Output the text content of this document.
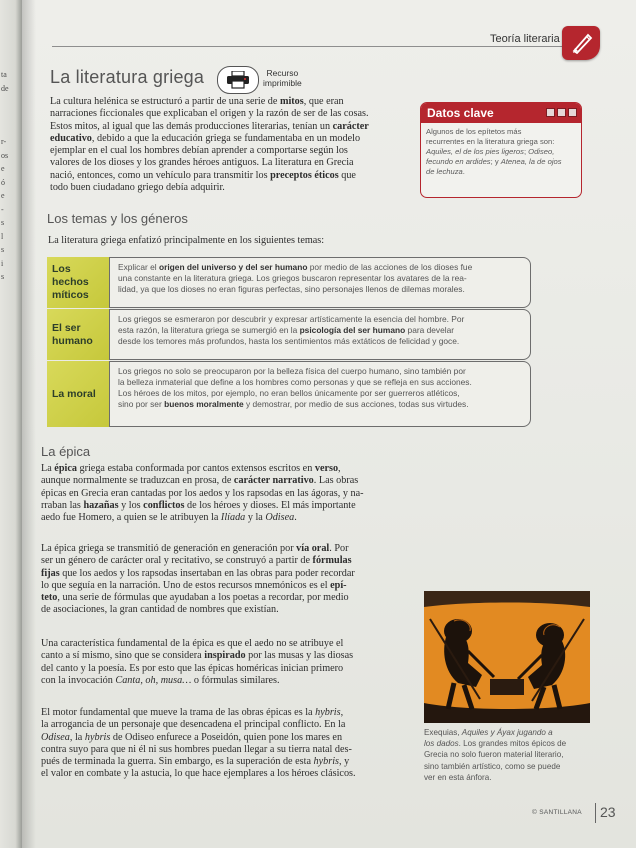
ta
de
r-
os
e
ó
e
-
s
l
s
i
s
Teoría literaria
La literatura griega	Recurso
imprimible
La cultura helénica se estructuró a partir de una serie de mitos, que eran
narraciones ficcionales que explicaban el origen y la razón de ser de las cosas.
Estos mitos, al igual que las demás producciones literarias, tenían un carácter
educativo, debido a que la educación griega se fundamentaba en un modelo
ejemplar en el cual los hombres debían aprender a comportarse según los
valores de los dioses y los grandes héroes antiguos. La literatura en Grecia
nació, entonces, como un vehículo para transmitir los preceptos éticos que
todo buen ciudadano griego debía adquirir.
Datos clave
Algunos de los epítetos más
recurrentes en la literatura griega son:
Aquiles, el de los pies ligeros; Odiseo,
fecundo en ardides; y Atenea, la de ojos
de lechuza.
Los temas y los géneros
La literatura griega enfatizó principalmente en los siguientes temas:
Los hechos míticos
Explicar el origen del universo y del ser humano por medio de las acciones de los dioses fue
una constante en la literatura griega. Los griegos buscaron representar los avatares de la rea-
lidad, ya que los dioses no eran figuras perfectas, sino personajes llenos de dilemas morales.
El ser humano
Los griegos se esmeraron por descubrir y expresar artísticamente la esencia del hombre. Por
esta razón, la literatura griega se sumergió en la psicología del ser humano para develar
desde los temores más profundos, hasta los sentimientos más extáticos de felicidad y goce.
La moral
Los griegos no solo se preocuparon por la belleza física del cuerpo humano, sino también por
la belleza inmaterial que define a los hombres como personas y que se refleja en sus acciones.
Los héroes de los mitos, por ejemplo, no eran bellos únicamente por ser guerreros atléticos,
sino por ser buenos moralmente y demostrar, por medio de sus acciones, todas sus virtudes.
La épica
La épica griega estaba conformada por cantos extensos escritos en verso,
aunque normalmente se traduzcan en prosa, de carácter narrativo. Las obras
épicas en Grecia eran cantadas por los aedos y los rapsodas en las ágoras, y na-
rraban las hazañas y los conflictos de los héroes y dioses. El más importante
aedo fue Homero, a quien se le atribuyen la Ilíada y la Odisea.
La épica griega se transmitió de generación en generación por vía oral. Por
ser un género de carácter oral y recitativo, se construyó a partir de fórmulas
fijas que los aedos y los rapsodas insertaban en las obras para poder recordar
lo que seguía en la narración. Uno de estos recursos mnemónicos es el epí-
teto, una serie de fórmulas que ayudaban a los poetas a recordar, por medio
de asociaciones, la gran cantidad de nombres que existían.
Una característica fundamental de la épica es que el aedo no se atribuye el
canto a sí mismo, sino que se considera inspirado por las musas y las diosas
del canto y la poesía. Es por esto que las épicas homéricas inician primero
con la invocación Canta, oh, musa… o fórmulas similares.
El motor fundamental que mueve la trama de las obras épicas es la hybris,
la arrogancia de un personaje que desencadena el principal conflicto. En la
Odisea, la hybris de Odiseo enfurece a Poseidón, quien pone los mares en
contra suyo para que ni él ni sus hombres puedan llegar a su tierra natal des-
pués de terminada la guerra. Sin embargo, es la superación de esta hybris, y
el valor en combate y la astucia, lo que hace ejemplares a los héroes clásicos.
Exequias, Aquiles y Áyax jugando a
los dados. Los grandes mitos épicos de
Grecia no solo fueron material literario,
sino también artístico, como se puede
ver en esta ánfora.
© SANTILLANA 23
